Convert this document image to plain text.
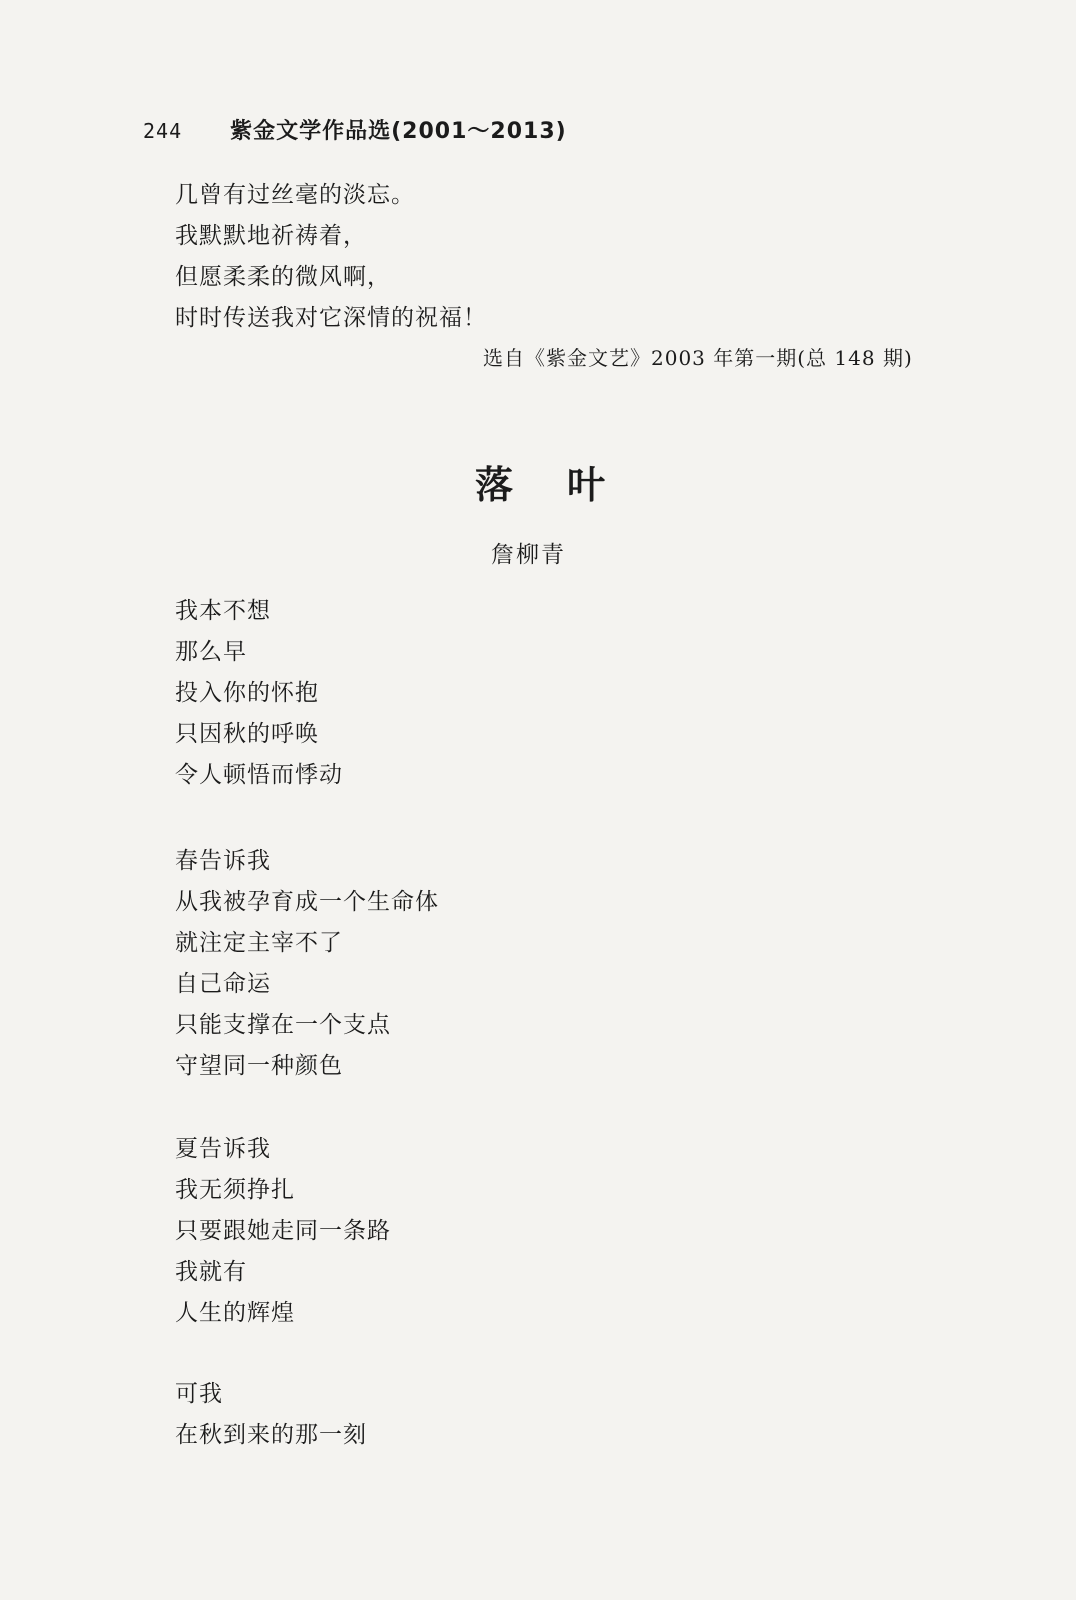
244 紫金文学作品选(2001～2013)
几曾有过丝毫的淡忘。
我默默地祈祷着，
但愿柔柔的微风啊，
时时传送我对它深情的祝福！
选自《紫金文艺》2003 年第一期(总 148 期)
落 叶
詹柳青
我本不想
那么早
投入你的怀抱
只因秋的呼唤
令人顿悟而悸动
春告诉我
从我被孕育成一个生命体
就注定主宰不了
自己命运
只能支撑在一个支点
守望同一种颜色
夏告诉我
我无须挣扎
只要跟她走同一条路
我就有
人生的辉煌
可我
在秋到来的那一刻
